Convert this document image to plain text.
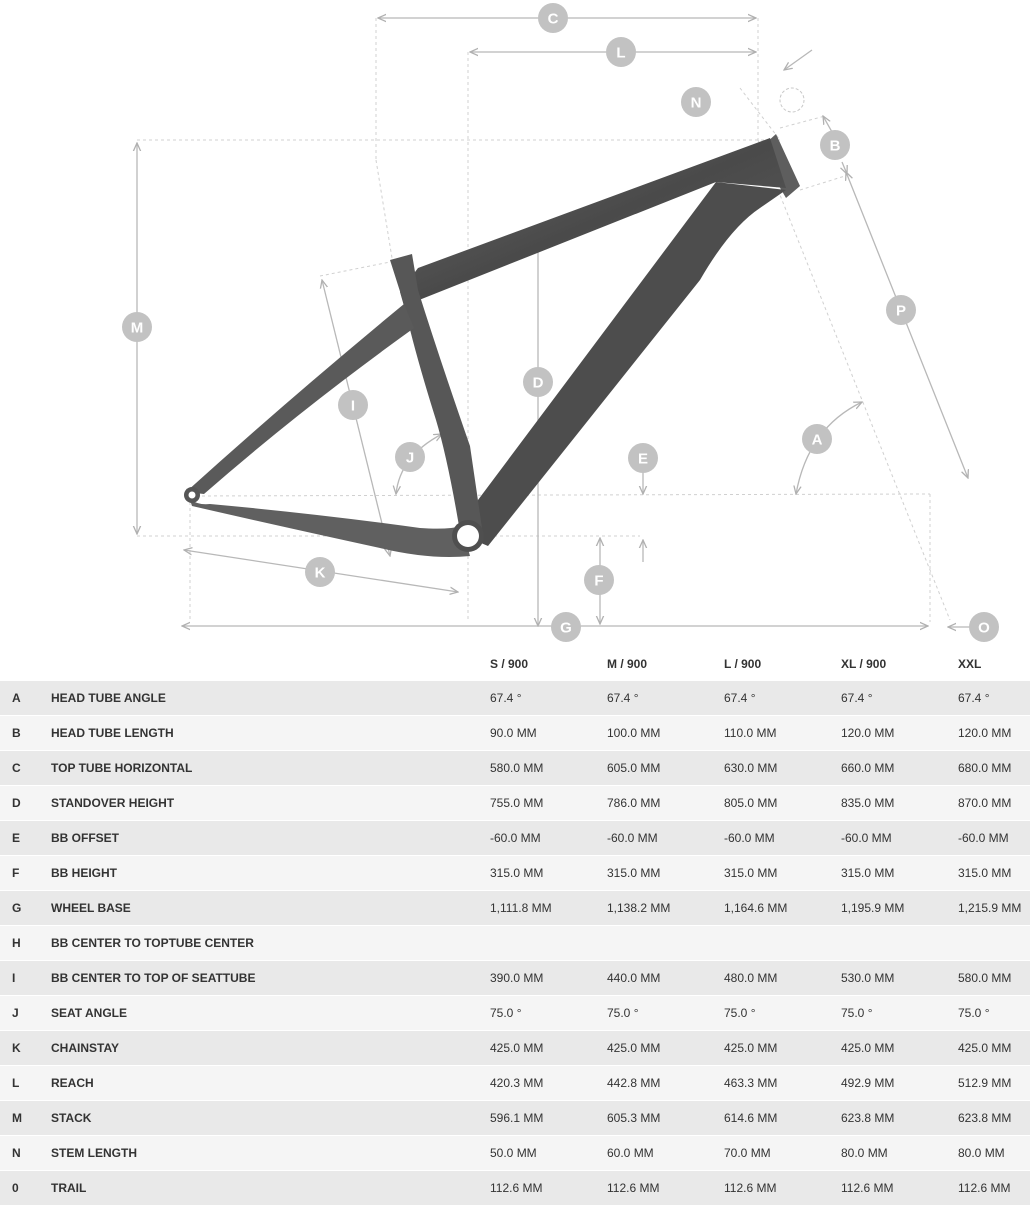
A
B
C
D
E
F
G
I
J
K
L
M
N
O
P
		S / 900	M / 900	L / 900	XL / 900	XXL
A	HEAD TUBE ANGLE	67.4 °	67.4 °	67.4 °	67.4 °	67.4 °
B	HEAD TUBE LENGTH	90.0 MM	100.0 MM	110.0 MM	120.0 MM	120.0 MM
C	TOP TUBE HORIZONTAL	580.0 MM	605.0 MM	630.0 MM	660.0 MM	680.0 MM
D	STANDOVER HEIGHT	755.0 MM	786.0 MM	805.0 MM	835.0 MM	870.0 MM
E	BB OFFSET	-60.0 MM	-60.0 MM	-60.0 MM	-60.0 MM	-60.0 MM
F	BB HEIGHT	315.0 MM	315.0 MM	315.0 MM	315.0 MM	315.0 MM
G	WHEEL BASE	1,111.8 MM	1,138.2 MM	1,164.6 MM	1,195.9 MM	1,215.9 MM
H	BB CENTER TO TOPTUBE CENTER					
I	BB CENTER TO TOP OF SEATTUBE	390.0 MM	440.0 MM	480.0 MM	530.0 MM	580.0 MM
J	SEAT ANGLE	75.0 °	75.0 °	75.0 °	75.0 °	75.0 °
K	CHAINSTAY	425.0 MM	425.0 MM	425.0 MM	425.0 MM	425.0 MM
L	REACH	420.3 MM	442.8 MM	463.3 MM	492.9 MM	512.9 MM
M	STACK	596.1 MM	605.3 MM	614.6 MM	623.8 MM	623.8 MM
N	STEM LENGTH	50.0 MM	60.0 MM	70.0 MM	80.0 MM	80.0 MM
0	TRAIL	112.6 MM	112.6 MM	112.6 MM	112.6 MM	112.6 MM
